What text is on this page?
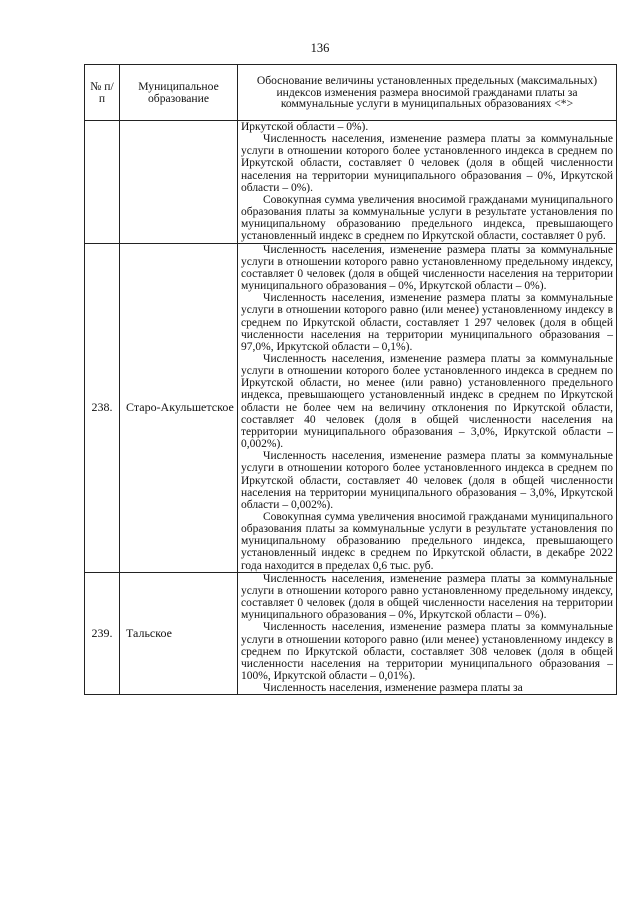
136
№ п/п	Муниципальное образование	Обоснование величины установленных предельных (максимальных) индексов изменения размера вносимой гражданами платы за коммунальные услуги в муниципальных образованиях <*>

		Иркутской области – 0%).

Численность населения, изменение размера платы за коммунальные услуги в отношении которого более установленного индекса в среднем по Иркутской области, составляет 0 человек (доля в общей численности населения на территории муниципального образования – 0%, Иркутской области – 0%).

Совокупная сумма увеличения вносимой гражданами муниципального образования платы за коммунальные услуги в результате установления по муниципальному образованию предельного индекса, превышающего установленный индекс в среднем по Иркутской области, составляет 0 руб.

238.	Старо-Акульшетское	Численность населения, изменение размера платы за коммунальные услуги в отношении которого равно установленному предельному индексу, составляет 0 человек (доля в общей численности населения на территории муниципального образования – 0%, Иркутской области – 0%).

Численность населения, изменение размера платы за коммунальные услуги в отношении которого равно (или менее) установленному индексу в среднем по Иркутской области, составляет 1 297 человек (доля в общей численности населения на территории муниципального образования – 97,0%, Иркутской области – 0,1%).

Численность населения, изменение размера платы за коммунальные услуги в отношении которого более установленного индекса в среднем по Иркутской области, но менее (или равно) установленного предельного индекса, превышающего установленный индекс в среднем по Иркутской области не более чем на величину отклонения по Иркутской области, составляет 40 человек (доля в общей численности населения на территории муниципального образования – 3,0%, Иркутской области – 0,002%).

Численность населения, изменение размера платы за коммунальные услуги в отношении которого более установленного индекса в среднем по Иркутской области, составляет 40 человек (доля в общей численности населения на территории муниципального образования – 3,0%, Иркутской области – 0,002%).

Совокупная сумма увеличения вносимой гражданами муниципального образования платы за коммунальные услуги в результате установления по муниципальному образованию предельного индекса, превышающего установленный индекс в среднем по Иркутской области, в декабре 2022 года находится в пределах 0,6 тыс. руб.

239.	Тальское	Численность населения, изменение размера платы за коммунальные услуги в отношении которого равно установленному предельному индексу, составляет 0 человек (доля в общей численности населения на территории муниципального образования – 0%, Иркутской области – 0%).

Численность населения, изменение размера платы за коммунальные услуги в отношении которого равно (или менее) установленному индексу в среднем по Иркутской области, составляет 308 человек (доля в общей численности населения на территории муниципального образования – 100%, Иркутской области – 0,01%).

Численность населения, изменение размера платы за
